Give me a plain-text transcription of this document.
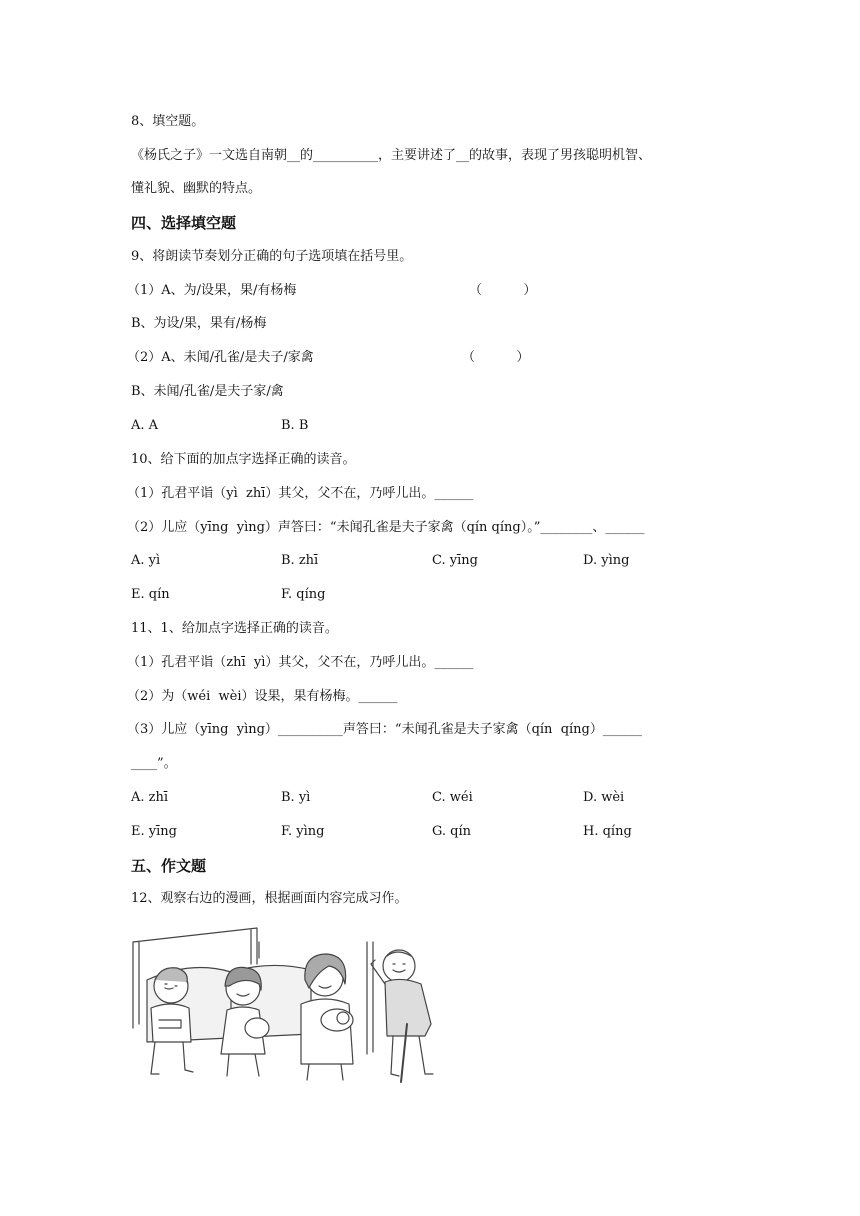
8、填空题。
《杨氏之子》一文选自南朝__的__________，主要讲述了__的故事，表现了男孩聪明机智、
懂礼貌、幽默的特点。
四、选择填空题
9、将朗读节奏划分正确的句子选项填在括号里。
（1）A、为/设果，果/有杨梅	（          ）
B、为设/果，果有/杨梅
（2）A、未闻/孔雀/是夫子/家禽	（          ）
B、未闻/孔雀/是夫子家/禽
A. A	B. B
10、给下面的加点字选择正确的读音。
（1）孔君平诣（yì  zhī）其父，父不在，乃呼儿出。______
（2）儿应（yīng  yìng）声答曰：“未闻孔雀是夫子家禽（qín qíng）。”________、______
A. yì	B. zhī	C. yīng	D. yìng
E. qín	F. qíng
11、1、给加点字选择正确的读音。
（1）孔君平诣（zhī  yì）其父，父不在，乃呼儿出。______
（2）为（wéi  wèi）设果，果有杨梅。______
（3）儿应（yīng  yìng）__________声答曰：“未闻孔雀是夫子家禽（qín  qíng）______
____”。
A. zhī	B. yì	C. wéi	D. wèi
E. yīng	F. yìng	G. qín	H. qíng
五、作文题
12、观察右边的漫画，根据画面内容完成习作。
